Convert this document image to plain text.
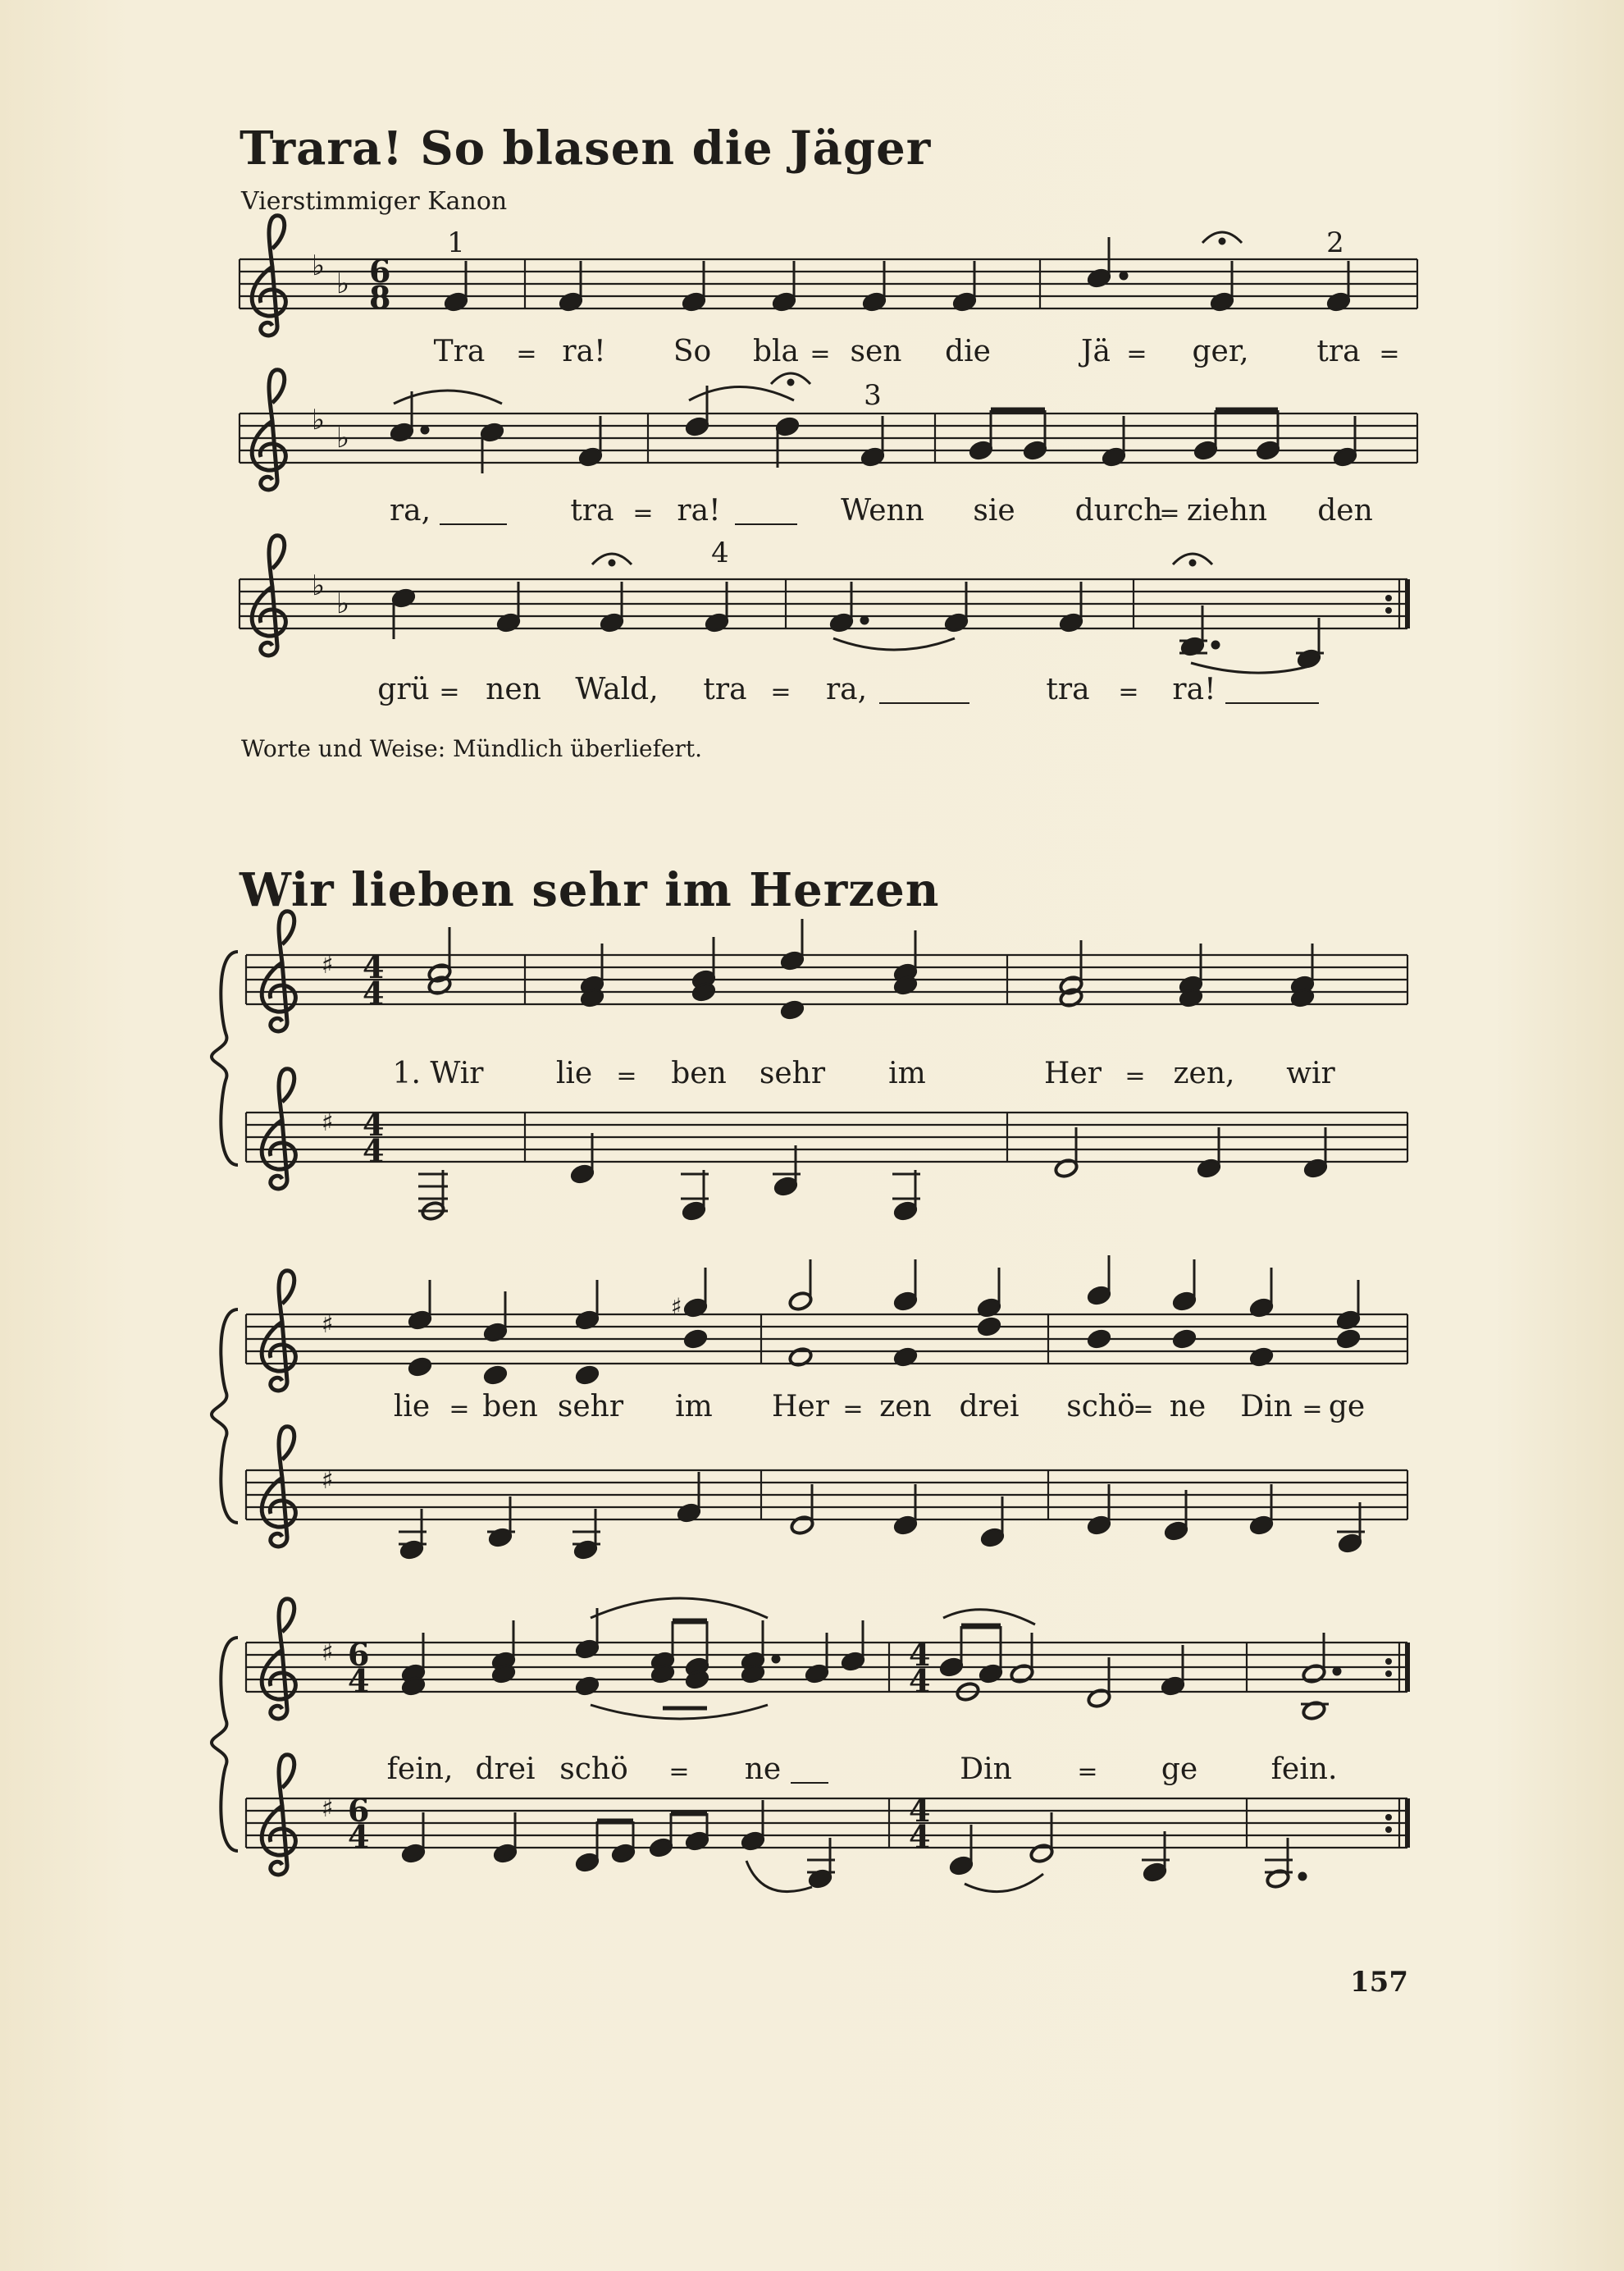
♭
♭ 6
8
♭
♭
♭
♭
♯
♯
4
4
4
4
♯
♯
♯
♯
♯
6
4
6
4
4
4
4
4
Trara! So blasen die Jäger
Vierstimmiger Kanon
1	2
3
4
Tra = ra! So bla = sen die	Jä = ger, tra =
ra,	tra = ra!	Wenn sie durch
= ziehn den
grü = nen Wald, tra = ra,	tra = ra!
Worte und Weise: Mündlich überliefert.
Wir lieben sehr im Herzen
1. Wir lie = ben sehr im	Her = zen, wir
lie = ben sehr im Her = zen drei schö
= ne Din = ge
fein, drei schö = ne	Din	= ge fein.
157
